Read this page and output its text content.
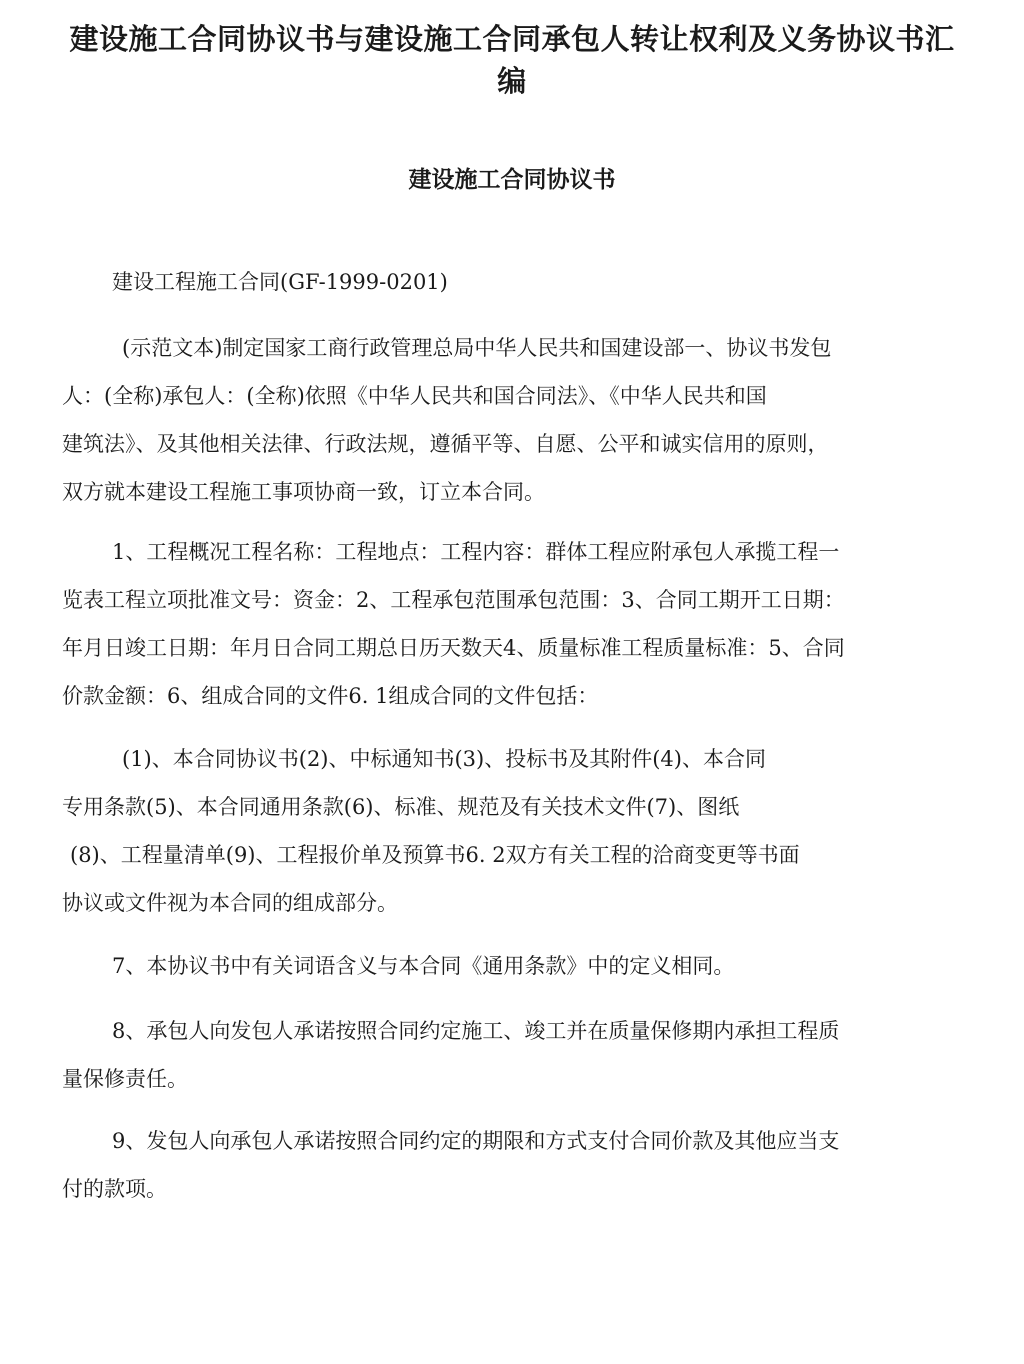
建设施工合同协议书与建设施工合同承包人转让权利及义务协议书汇编
建设施工合同协议书
建设工程施工合同(GF-1999-0201)
(示范文本)制定国家工商行政管理总局中华人民共和国建设部一、协议书发包
人：(全称)承包人：(全称)依照《中华人民共和国合同法》、《中华人民共和国
建筑法》、及其他相关法律、行政法规，遵循平等、自愿、公平和诚实信用的原则，
双方就本建设工程施工事项协商一致，订立本合同。
1、工程概况工程名称：工程地点：工程内容：群体工程应附承包人承揽工程一
览表工程立项批准文号：资金：2、工程承包范围承包范围：3、合同工期开工日期：
年月日竣工日期：年月日合同工期总日历天数天4、质量标准工程质量标准：5、合同
价款金额：6、组成合同的文件6. 1组成合同的文件包括：
(1)、本合同协议书(2)、中标通知书(3)、投标书及其附件(4)、本合同
专用条款(5)、本合同通用条款(6)、标准、规范及有关技术文件(7)、图纸
(8)、工程量清单(9)、工程报价单及预算书6. 2双方有关工程的洽商变更等书面
协议或文件视为本合同的组成部分。
7、本协议书中有关词语含义与本合同《通用条款》中的定义相同。
8、承包人向发包人承诺按照合同约定施工、竣工并在质量保修期内承担工程质
量保修责任。
9、发包人向承包人承诺按照合同约定的期限和方式支付合同价款及其他应当支
付的款项。
